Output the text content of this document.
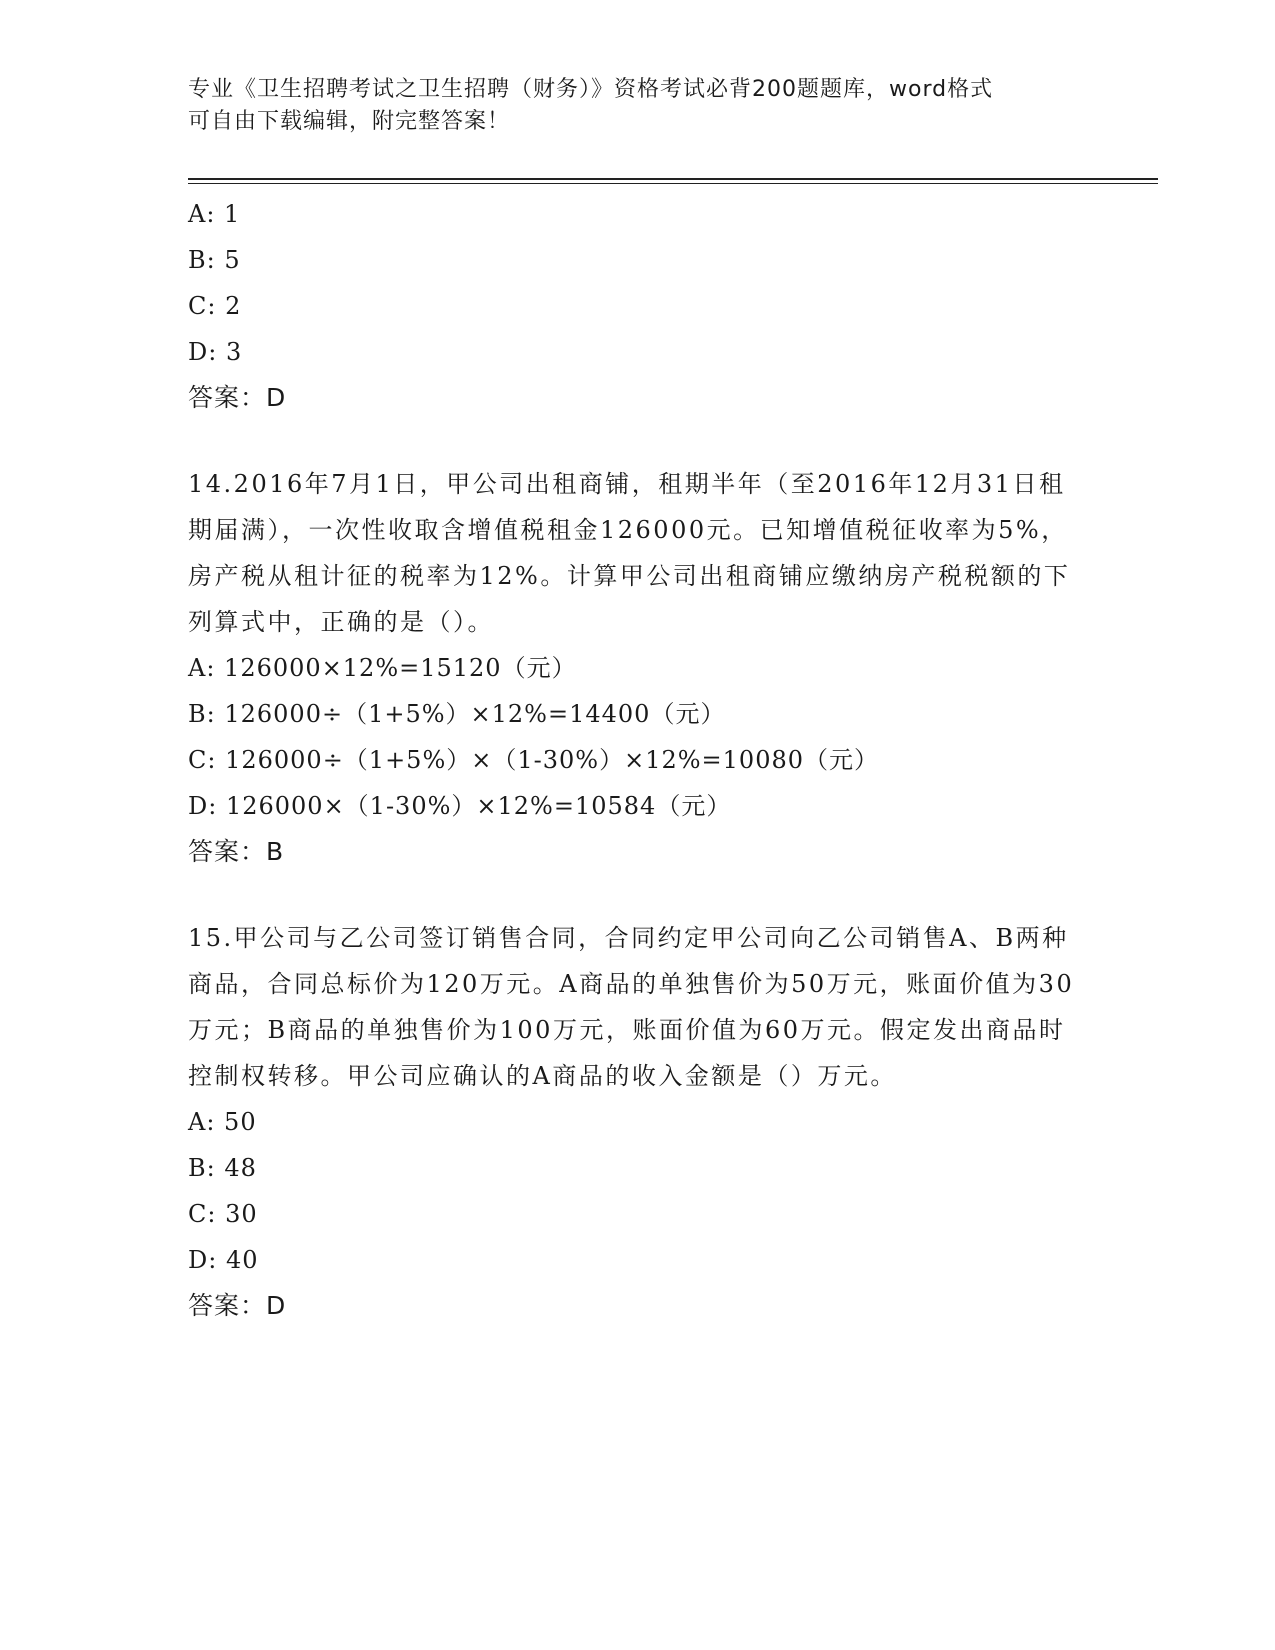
专业《卫生招聘考试之卫生招聘（财务）》资格考试必背200题题库，word格式
可自由下载编辑，附完整答案！
A: 1
B: 5
C: 2
D: 3
答案：D
14.2016年7月1日，甲公司出租商铺，租期半年（至2016年12月31日租期届满），一次性收取含增值税租金126000元。已知增值税征收率为5%，房产税从租计征的税率为12%。计算甲公司出租商铺应缴纳房产税税额的下列算式中，正确的是（）。
A: 126000×12%=15120（元）
B: 126000÷（1+5%）×12%=14400（元）
C: 126000÷（1+5%）×（1-30%）×12%=10080（元）
D: 126000×（1-30%）×12%=10584（元）
答案：B
15.甲公司与乙公司签订销售合同，合同约定甲公司向乙公司销售A、B两种商品，合同总标价为120万元。A商品的单独售价为50万元，账面价值为30万元；B商品的单独售价为100万元，账面价值为60万元。假定发出商品时控制权转移。甲公司应确认的A商品的收入金额是（）万元。
A: 50
B: 48
C: 30
D: 40
答案：D
